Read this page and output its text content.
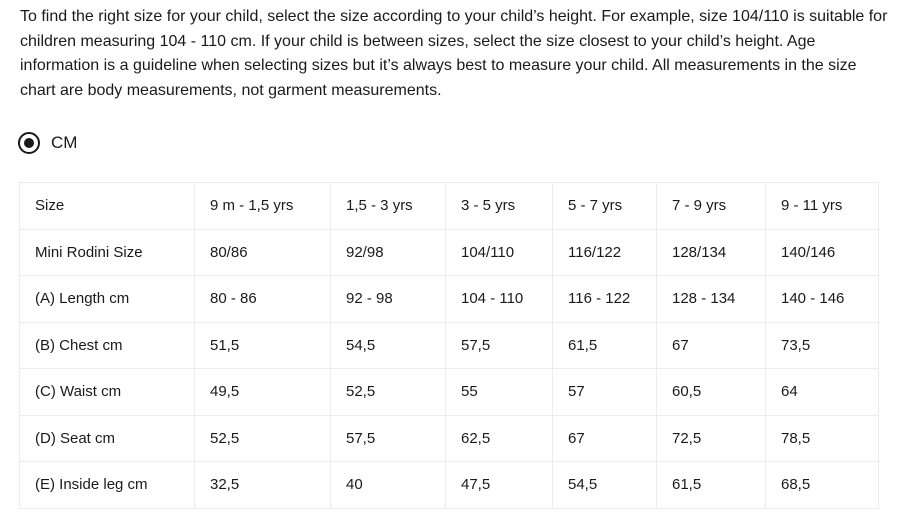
To find the right size for your child, select the size according to your child’s height. For example, size 104/110 is suitable for children measuring 104 - 110 cm. If your child is between sizes, select the size closest to your child’s height. Age information is a guideline when selecting sizes but it’s always best to measure your child. All measurements in the size chart are body measurements, not garment measurements.

CM
Size	9 m - 1,5 yrs	1,5 - 3 yrs	3 - 5 yrs	5 - 7 yrs	7 - 9 yrs	9 - 11 yrs
Mini Rodini Size	80/86	92/98	104/110	116/122	128/134	140/146
(A) Length cm	80 - 86	92 - 98	104 - 110	116 - 122	128 - 134	140 - 146
(B) Chest cm	51,5	54,5	57,5	61,5	67	73,5
(C) Waist cm	49,5	52,5	55	57	60,5	64
(D) Seat cm	52,5	57,5	62,5	67	72,5	78,5
(E) Inside leg cm	32,5	40	47,5	54,5	61,5	68,5
